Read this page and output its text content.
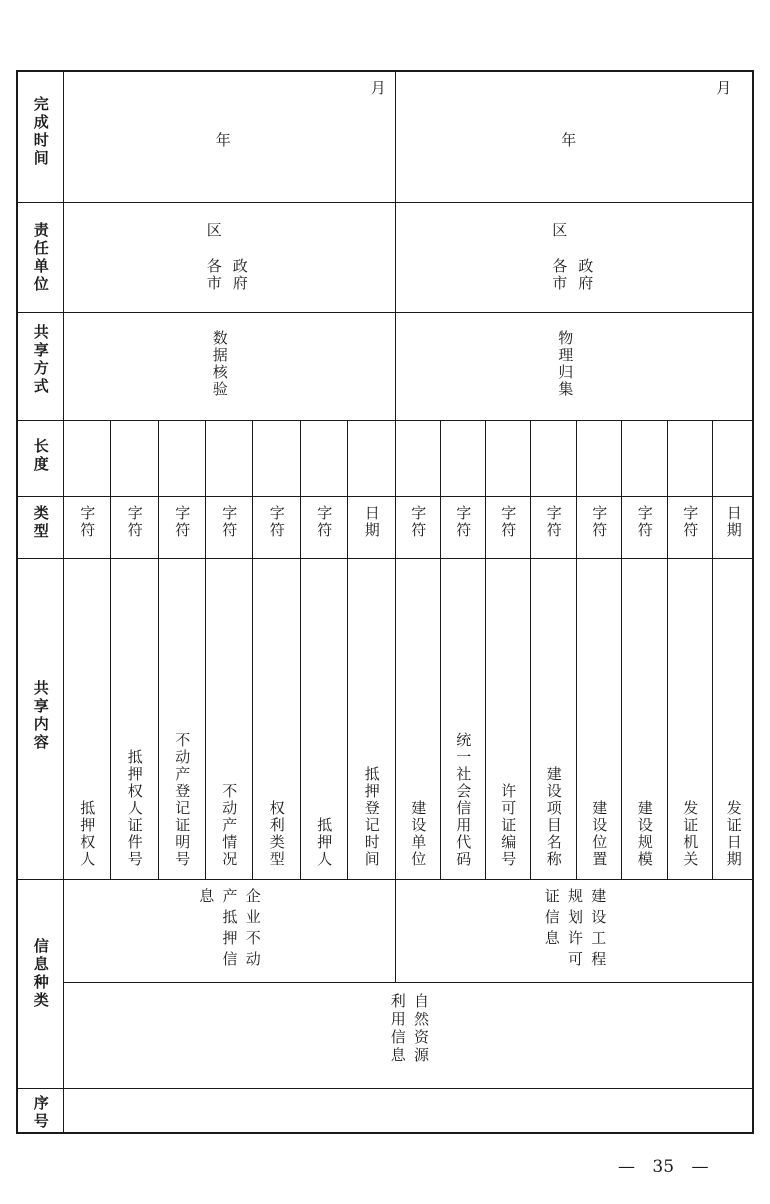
完成时间
责任单位
共享方式
长度
类型
共享内容
信息种类
序号
字符
抵押权人
字符
抵押权人证件号
字符
不动产登记证明号
字符
不动产情况
字符
权利类型
字符
抵押人
日期
抵押登记时间
数据核验
各市 政府
区
年
月
企业不动产抵押信息
字符
建设单位
字符
统一社会信用代码
字符
许可证编号
字符
建设项目名称
字符
建设位置
字符
建设规模
字符
发证机关
日期
发证日期
物理归集
各市 政府
区
年
月
建设工程规划许可证信息
自然资源利用信息
— 35 —
